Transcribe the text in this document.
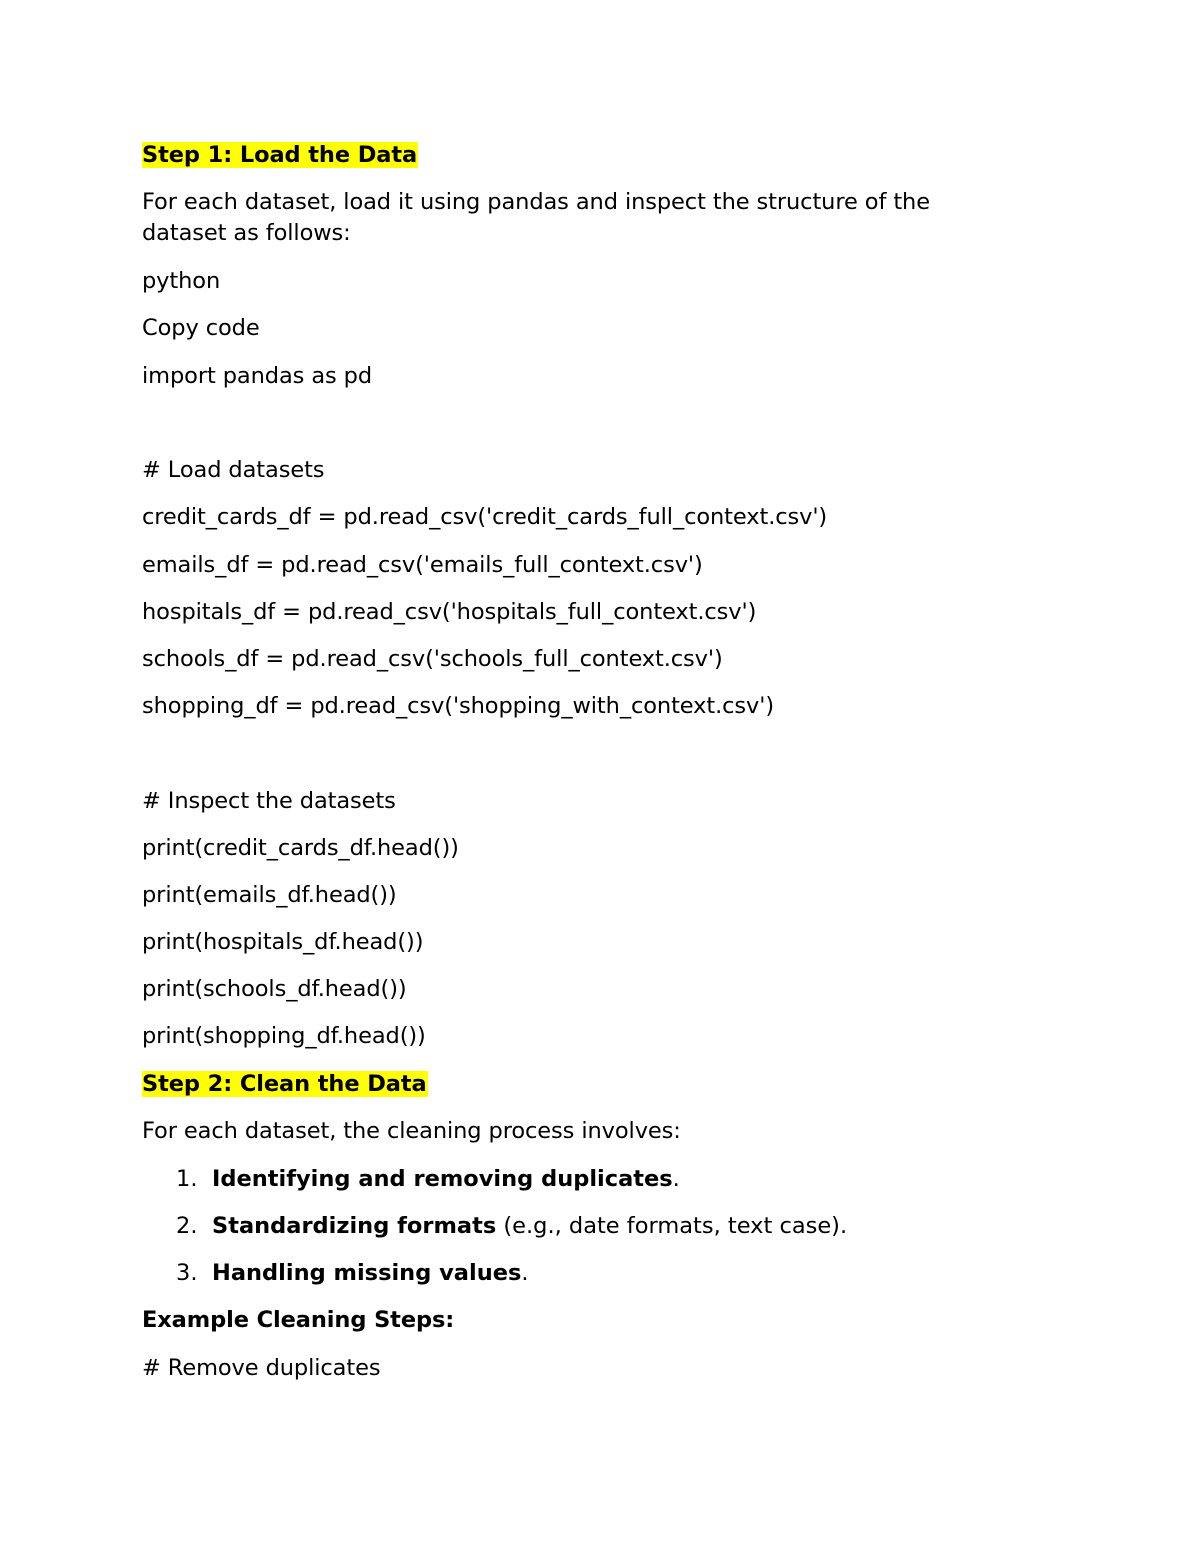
Step 1: Load the Data
For each dataset, load it using pandas and inspect the structure of the
dataset as follows:
python
Copy code
import pandas as pd
# Load datasets
credit_cards_df = pd.read_csv('credit_cards_full_context.csv')
emails_df = pd.read_csv('emails_full_context.csv')
hospitals_df = pd.read_csv('hospitals_full_context.csv')
schools_df = pd.read_csv('schools_full_context.csv')
shopping_df = pd.read_csv('shopping_with_context.csv')
# Inspect the datasets
print(credit_cards_df.head())
print(emails_df.head())
print(hospitals_df.head())
print(schools_df.head())
print(shopping_df.head())
Step 2: Clean the Data
For each dataset, the cleaning process involves:
1. Identifying and removing duplicates.
2. Standardizing formats (e.g., date formats, text case).
3. Handling missing values.
Example Cleaning Steps:
# Remove duplicates
